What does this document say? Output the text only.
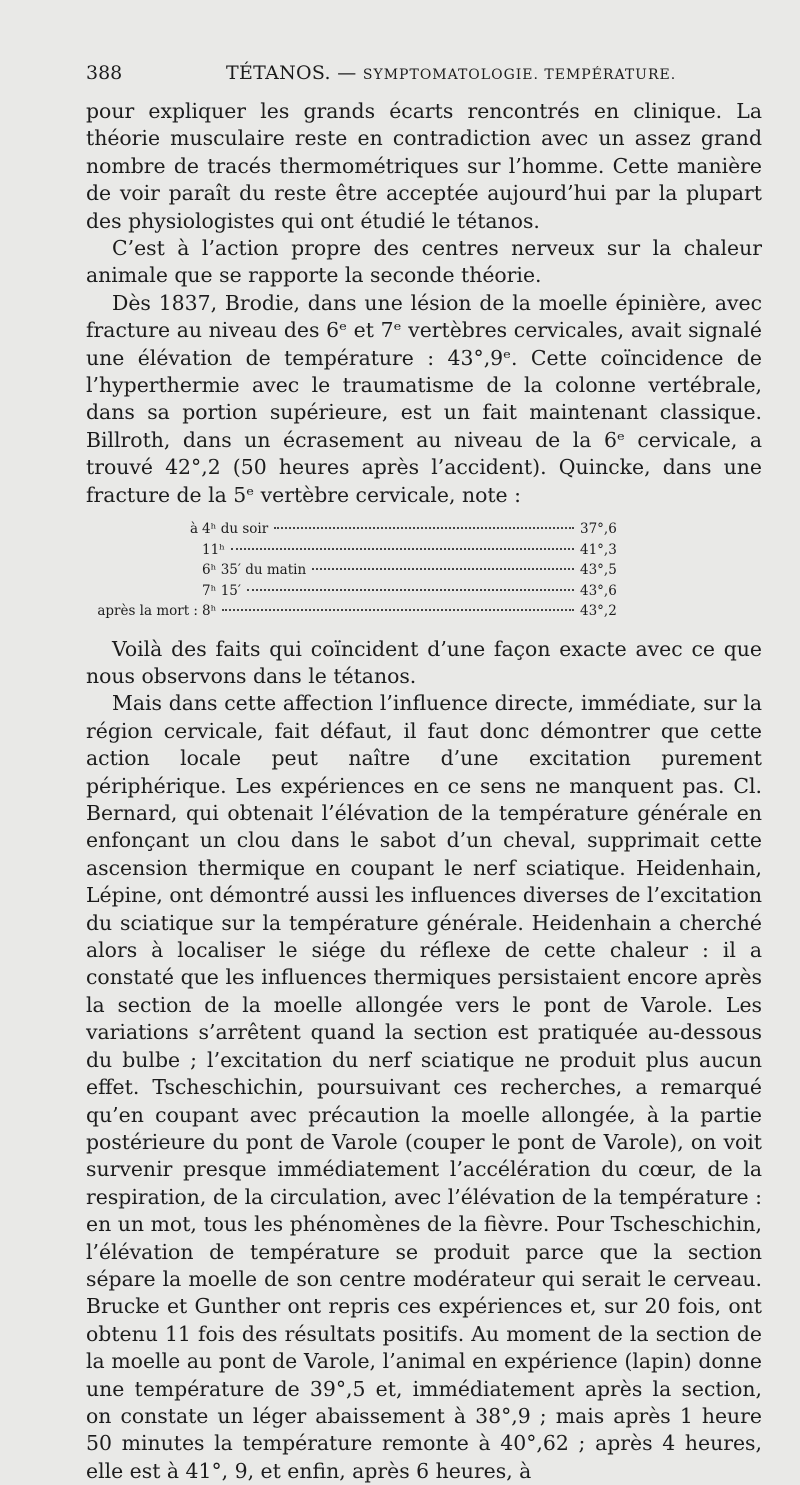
388	TÉTANOS. — SYMPTOMATOLOGIE. TEMPÉRATURE.

pour expliquer les grands écarts rencontrés en clinique. La théorie musculaire reste en contradiction avec un assez grand nombre de tracés thermométriques sur l’homme. Cette manière de voir paraît du reste être acceptée aujourd’hui par la plupart des physiologistes qui ont étudié le tétanos.

C’est à l’action propre des centres nerveux sur la chaleur animale que se rapporte la seconde théorie.

Dès 1837, Brodie, dans une lésion de la moelle épinière, avec fracture au niveau des 6ᵉ et 7ᵉ vertèbres cervicales, avait signalé une élévation de température : 43°,9ᵉ. Cette coïncidence de l’hyperthermie avec le traumatisme de la colonne vertébrale, dans sa portion supérieure, est un fait maintenant classique. Billroth, dans un écrasement au niveau de la 6ᵉ cervicale, a trouvé 42°,2 (50 heures après l’accident). Quincke, dans une fracture de la 5ᵉ vertèbre cervicale, note :

à 4ʰ du soir	37°,6
11ʰ	41°,3
6ʰ 35′ du matin	43°,5
7ʰ 15′	43°,6
après la mort : 8ʰ	43°,2

Voilà des faits qui coïncident d’une façon exacte avec ce que nous observons dans le tétanos.

Mais dans cette affection l’influence directe, immédiate, sur la région cervicale, fait défaut, il faut donc démontrer que cette action locale peut naître d’une excitation purement périphérique. Les expériences en ce sens ne manquent pas. Cl. Bernard, qui obtenait l’élévation de la température générale en enfonçant un clou dans le sabot d’un cheval, supprimait cette ascension thermique en coupant le nerf sciatique. Heidenhain, Lépine, ont démontré aussi les influences diverses de l’excitation du sciatique sur la température générale. Heidenhain a cherché alors à localiser le siége du réflexe de cette chaleur : il a constaté que les influences thermiques persistaient encore après la section de la moelle allongée vers le pont de Varole. Les variations s’arrêtent quand la section est pratiquée au-dessous du bulbe ; l’excitation du nerf sciatique ne produit plus aucun effet. Tscheschichin, poursuivant ces recherches, a remarqué qu’en coupant avec précaution la moelle allongée, à la partie postérieure du pont de Varole (couper le pont de Varole), on voit survenir presque immédiatement l’accélération du cœur, de la respiration, de la circulation, avec l’élévation de la température : en un mot, tous les phénomènes de la fièvre. Pour Tscheschichin, l’élévation de température se produit parce que la section sépare la moelle de son centre modérateur qui serait le cerveau. Brucke et Gunther ont repris ces expériences et, sur 20 fois, ont obtenu 11 fois des résultats positifs. Au moment de la section de la moelle au pont de Varole, l’animal en expérience (lapin) donne une température de 39°,5 et, immédiatement après la section, on constate un léger abaissement à 38°,9 ; mais après 1 heure 50 minutes la température remonte à 40°,62 ; après 4 heures, elle est à 41°, 9, et enfin, après 6 heures, à
